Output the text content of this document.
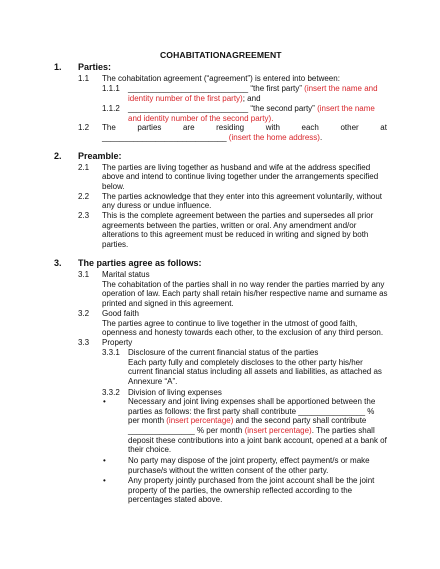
COHABITATIONAGREEMENT
1. Parties:
1.1 The cohabitation agreement (“agreement”) is entered into between:
1.1.1 ___________________________ “the first party” (insert the name and
identity number of the first party); and
1.1.2 ___________________________ “the second party” (insert the name
and identity number of the second party).
1.2 The	parties	are	residing	with	each	other	at
____________________________ (insert the home address).
2. Preamble:
2.1 The parties are living together as husband and wife at the address specified
above and intend to continue living together under the arrangements specified
below.
2.2 The parties acknowledge that they enter into this agreement voluntarily, without
any duress or undue influence.
2.3 This is the complete agreement between the parties and supersedes all prior
agreements between the parties, written or oral. Any amendment and/or
alterations to this agreement must be reduced in writing and signed by both
parties.
3. The parties agree as follows:
3.1 Marital status
The cohabitation of the parties shall in no way render the parties married by any
operation of law. Each party shall retain his/her respective name and surname as
printed and signed in this agreement.
3.2 Good faith
The parties agree to continue to live together in the utmost of good faith,
openness and honesty towards each other, to the exclusion of any third person.
3.3 Property
3.3.1 Disclosure of the current financial status of the parties
Each party fully and completely discloses to the other party his/her
current financial status including all assets and liabilities, as attached as
Annexure “A”.
3.3.2 Division of living expenses
•	Necessary and joint living expenses shall be apportioned between the
parties as follows: the first party shall contribute _______________ %
per month (insert percentage) and the second party shall contribute
_______________ % per month (insert percentage). The parties shall
deposit these contributions into a joint bank account, opened at a bank of
their choice.
•	No party may dispose of the joint property, effect payment/s or make
purchase/s without the written consent of the other party.
•	Any property jointly purchased from the joint account shall be the joint
property of the parties, the ownership reflected according to the
percentages stated above.
